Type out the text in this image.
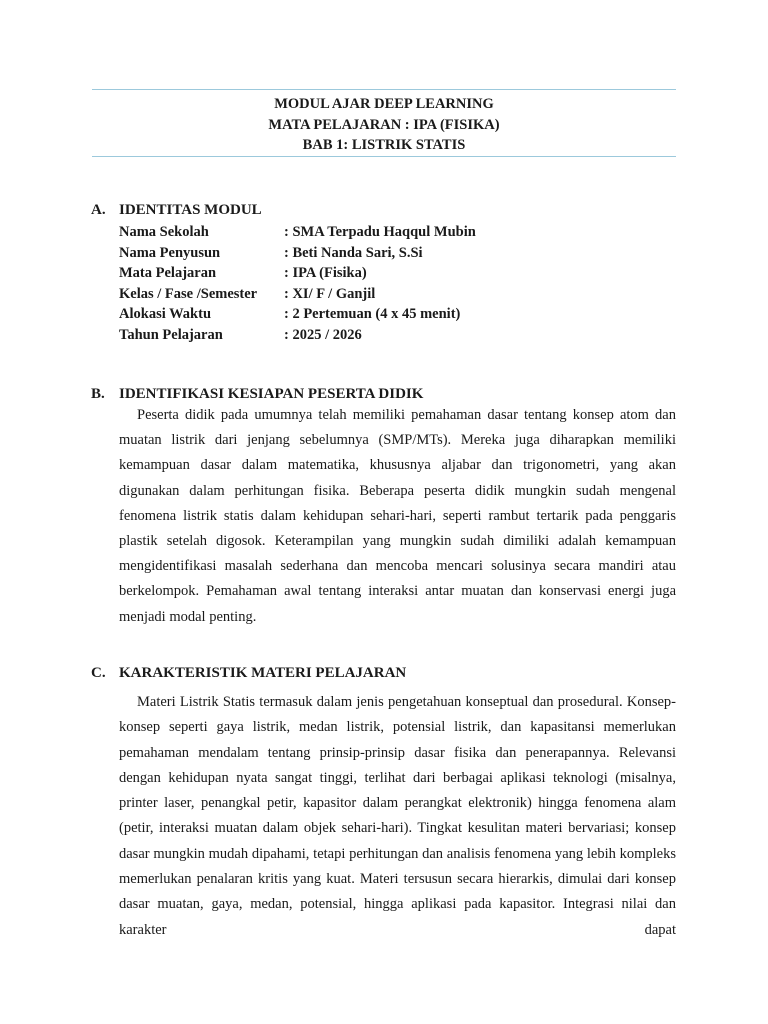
MODUL AJAR DEEP LEARNING
MATA PELAJARAN : IPA (FISIKA)
BAB 1: LISTRIK STATIS
A. IDENTITAS MODUL
Nama Sekolah	: SMA Terpadu Haqqul Mubin
Nama Penyusun	: Beti Nanda Sari, S.Si
Mata Pelajaran	: IPA (Fisika)
Kelas / Fase /Semester : XI/ F / Ganjil
Alokasi Waktu	: 2 Pertemuan (4 x 45 menit)
Tahun Pelajaran	: 2025 / 2026
B. IDENTIFIKASI KESIAPAN PESERTA DIDIK
Peserta didik pada umumnya telah memiliki pemahaman dasar tentang konsep atom dan muatan listrik dari jenjang sebelumnya (SMP/MTs). Mereka juga diharapkan memiliki kemampuan dasar dalam matematika, khususnya aljabar dan trigonometri, yang akan digunakan dalam perhitungan fisika. Beberapa peserta didik mungkin sudah mengenal fenomena listrik statis dalam kehidupan sehari-hari, seperti rambut tertarik pada penggaris plastik setelah digosok. Keterampilan yang mungkin sudah dimiliki adalah kemampuan mengidentifikasi masalah sederhana dan mencoba mencari solusinya secara mandiri atau berkelompok. Pemahaman awal tentang interaksi antar muatan dan konservasi energi juga menjadi modal penting.
C. KARAKTERISTIK MATERI PELAJARAN
Materi Listrik Statis termasuk dalam jenis pengetahuan konseptual dan prosedural. Konsep-konsep seperti gaya listrik, medan listrik, potensial listrik, dan kapasitansi memerlukan pemahaman mendalam tentang prinsip-prinsip dasar fisika dan penerapannya. Relevansi dengan kehidupan nyata sangat tinggi, terlihat dari berbagai aplikasi teknologi (misalnya, printer laser, penangkal petir, kapasitor dalam perangkat elektronik) hingga fenomena alam (petir, interaksi muatan dalam objek sehari-hari). Tingkat kesulitan materi bervariasi; konsep dasar mungkin mudah dipahami, tetapi perhitungan dan analisis fenomena yang lebih kompleks memerlukan penalaran kritis yang kuat. Materi tersusun secara hierarkis, dimulai dari konsep dasar muatan, gaya, medan, potensial, hingga aplikasi pada kapasitor. Integrasi nilai dan karakter dapat
